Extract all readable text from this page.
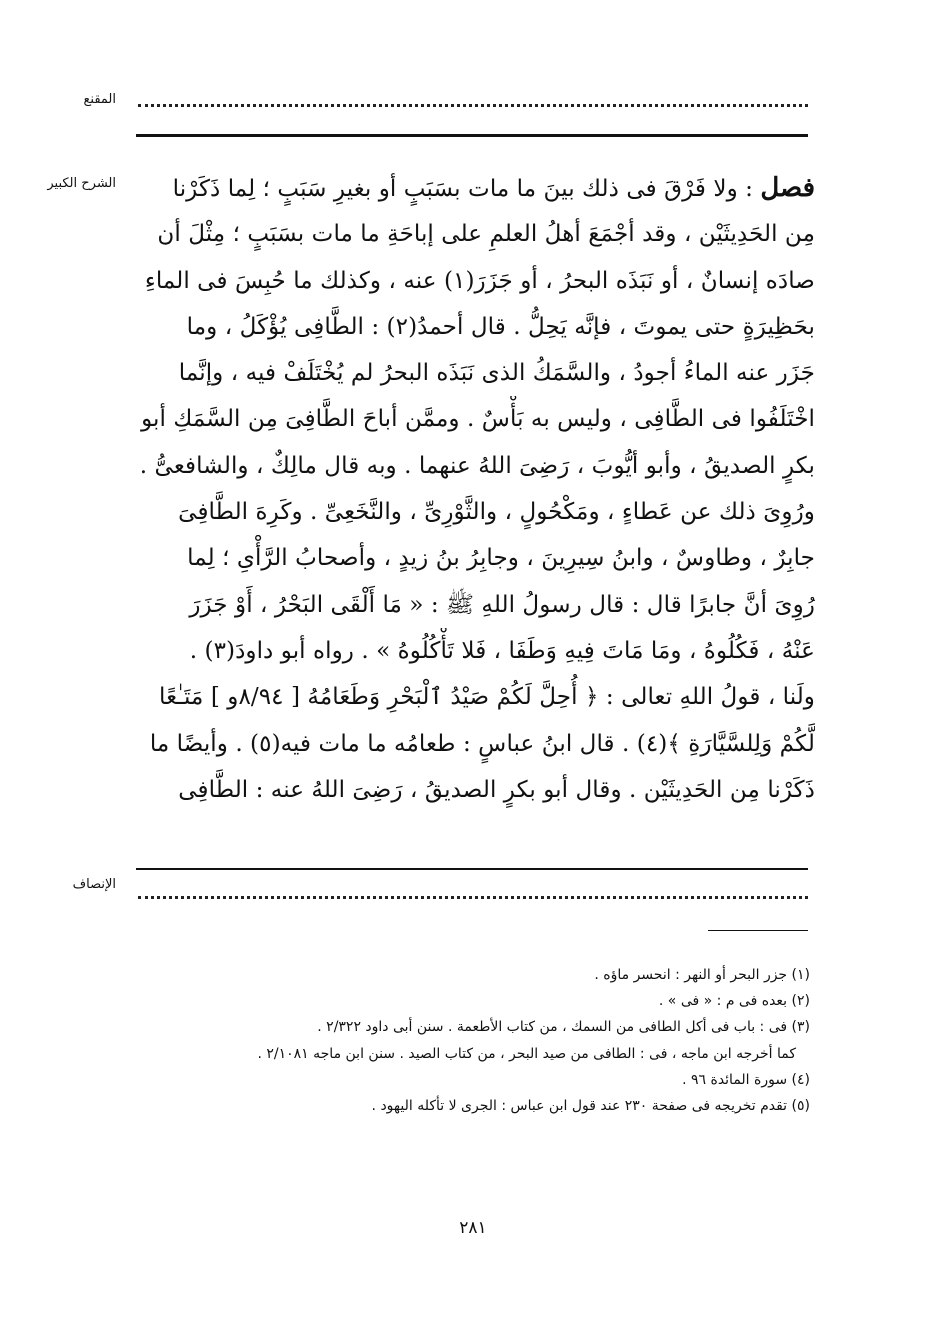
المقنع
الشرح الكبير	فصل : ولا فَرْقَ فى ذلك بينَ ما مات بسَبَبٍ أو بغيرِ سَبَبٍ ؛ لِما ذَكَرْنا
مِن الحَدِيثَيْن ، وقد أجْمَعَ أهلُ العلمِ على إباحَةِ ما مات بسَبَبٍ ؛ مِثْلَ أن
صادَه إنسانٌ ، أو نَبَذَه البحرُ ، أو جَزَرَ(١) عنه ، وكذلك ما حُبِسَ فى الماءِ
بحَظِيرَةٍ حتى يموتَ ، فإنَّه يَحِلُّ . قال أحمدُ(٢) : الطَّافِى يُؤْكَلُ ، وما
جَزَر عنه الماءُ أجودُ ، والسَّمَكُ الذى نَبَذَه البحرُ لم يُخْتَلَفْ فيه ، وإنَّما
اخْتَلَفُوا فى الطَّافِى ، وليس به بَأْسٌ . وممَّن أباحَ الطَّافِىَ مِن السَّمَكِ أبو
بكرٍ الصديقُ ، وأبو أيُّوبَ ، رَضِىَ اللهُ عنهما . وبه قال مالِكٌ ، والشافعىُّ .
ورُوِىَ ذلك عن عَطاءٍ ، ومَكْحُولٍ ، والثَّوْرِىِّ ، والنَّخَعِىِّ . وكَرِهَ الطَّافِىَ
جابِرٌ ، وطاوسٌ ، وابنُ سِيرِينَ ، وجابِرُ بنُ زيدٍ ، وأصحابُ الرَّأْىِ ؛ لِما
رُوِىَ أنَّ جابرًا قال : قال رسولُ اللهِ ﷺ : « مَا أَلْقَى البَحْرُ ، أَوْ جَزَرَ
عَنْهُ ، فَكُلُوهُ ، ومَا مَاتَ فِيهِ وَطَفَا ، فَلا تَأْكُلُوهُ » . رواه أبو داودَ(٣) .
ولَنا ، قولُ اللهِ تعالى : ﴿ أُحِلَّ لَكُمْ صَيْدُ ٱلْبَحْرِ وَطَعَامُهُ [ ٨/٩٤و ] مَتَـٰعًا
لَّكُمْ وَلِلسَّيَّارَةِ ﴾(٤) . قال ابنُ عباسٍ : طعامُه ما مات فيه(٥) . وأيضًا ما
ذَكَرْنا مِن الحَدِيثَيْن . وقال أبو بكرٍ الصديقُ ، رَضِىَ اللهُ عنه : الطَّافِى
الإنصاف
(١) جزر البحر أو النهر : انحسر ماؤه .
(٢) بعده فى م : « فى » .
(٣) فى : باب فى أكل الطافى من السمك ، من كتاب الأطعمة . سنن أبى داود ٢/٣٢٢ .
كما أخرجه ابن ماجه ، فى : الطافى من صيد البحر ، من كتاب الصيد . سنن ابن ماجه ٢/١٠٨١ .
(٤) سورة المائدة ٩٦ .
(٥) تقدم تخريجه فى صفحة ٢٣٠ عند قول ابن عباس : الجرى لا تأكله اليهود .
٢٨١
